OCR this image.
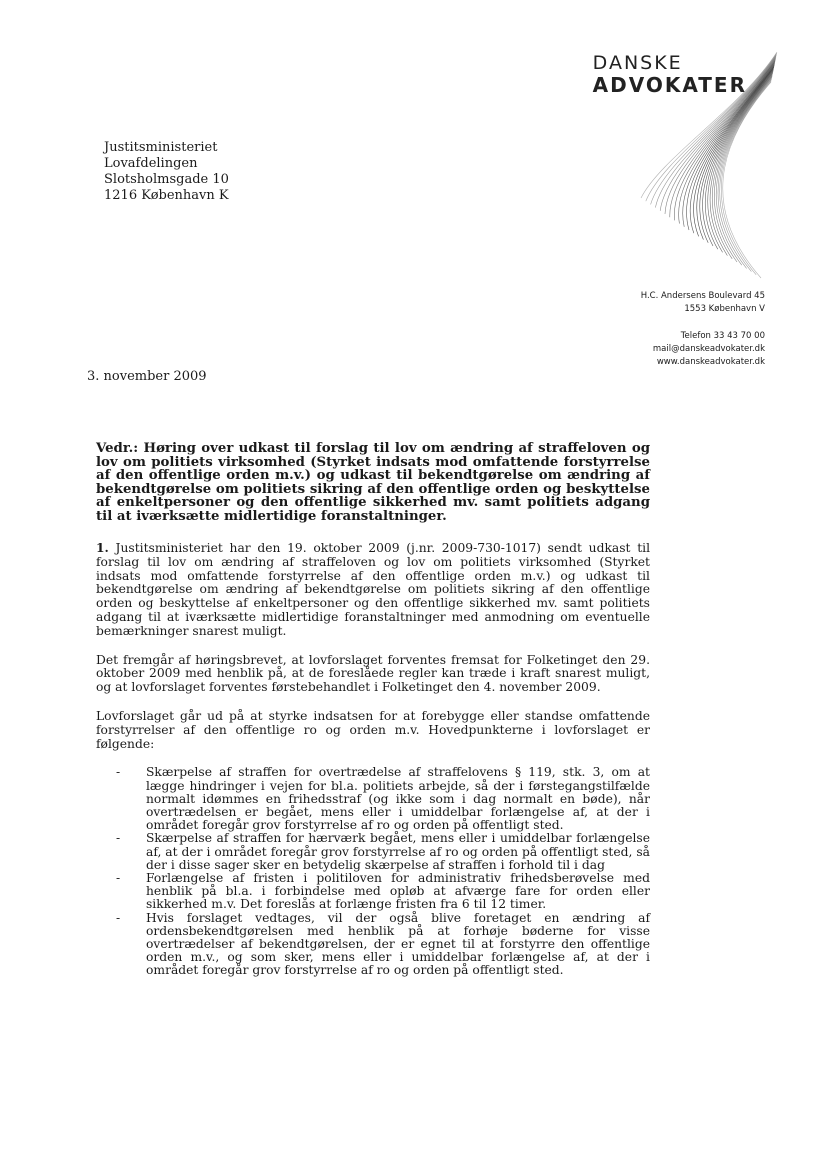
DANSKE
ADVOKATER
Justitsministeriet
Lovafdelingen
Slotsholmsgade 10
1216 København K
H.C. Andersens Boulevard 45
1553 København V
Telefon 33 43 70 00
mail@danskeadvokater.dk
www.danskeadvokater.dk
3. november 2009

Vedr.: Høring over udkast til forslag til lov om ændring af straffeloven og lov om politiets virksomhed (Styrket indsats mod omfattende forstyrrelse af den offentlige orden m.v.) og udkast til bekendtgørelse om ændring af bekendtgørelse om politiets sikring af den offentlige orden og beskyttelse af enkeltpersoner og den offentlige sikkerhed mv. samt politiets adgang til at iværksætte midlertidige foranstaltninger.

1. Justitsministeriet har den 19. oktober 2009 (j.nr. 2009-730-1017) sendt udkast til forslag til lov om ændring af straffeloven og lov om politiets virksomhed (Styrket indsats mod omfattende forstyrrelse af den offentlige orden m.v.) og udkast til bekendtgørelse om ændring af bekendtgørelse om politiets sikring af den offentlige orden og beskyttelse af enkeltpersoner og den offentlige sikkerhed mv. samt politiets adgang til at iværksætte midlertidige foranstaltninger med anmodning om eventuelle bemærkninger snarest muligt.

Det fremgår af høringsbrevet, at lovforslaget forventes fremsat for Folketinget den 29. oktober 2009 med henblik på, at de foreslåede regler kan træde i kraft snarest muligt, og at lovforslaget forventes førstebehandlet i Folketinget den 4. november 2009.

Lovforslaget går ud på at styrke indsatsen for at forebygge eller standse omfattende forstyrrelser af den offentlige ro og orden m.v. Hovedpunkterne i lovforslaget er følgende:

- Skærpelse af straffen for overtrædelse af straffelovens § 119, stk. 3, om at lægge hindringer i vejen for bl.a. politiets arbejde, så der i førstegangstilfælde normalt idømmes en frihedsstraf (og ikke som i dag normalt en bøde), når overtrædelsen er begået, mens eller i umiddelbar forlængelse af, at der i området foregår grov forstyrrelse af ro og orden på offentligt sted.
- Skærpelse af straffen for hærværk begået, mens eller i umiddelbar forlængelse af, at der i området foregår grov forstyrrelse af ro og orden på offentligt sted, så der i disse sager sker en betydelig skærpelse af straffen i forhold til i dag
- Forlængelse af fristen i politiloven for administrativ frihedsberøvelse med henblik på bl.a. i forbindelse med opløb at afværge fare for orden eller sikkerhed m.v. Det foreslås at forlænge fristen fra 6 til 12 timer.
- Hvis forslaget vedtages, vil der også blive foretaget en ændring af ordensbekendtgørelsen med henblik på at forhøje bøderne for visse overtrædelser af bekendtgørelsen, der er egnet til at forstyrre den offentlige orden m.v., og som sker, mens eller i umiddelbar forlængelse af, at der i området foregår grov forstyrrelse af ro og orden på offentligt sted.
